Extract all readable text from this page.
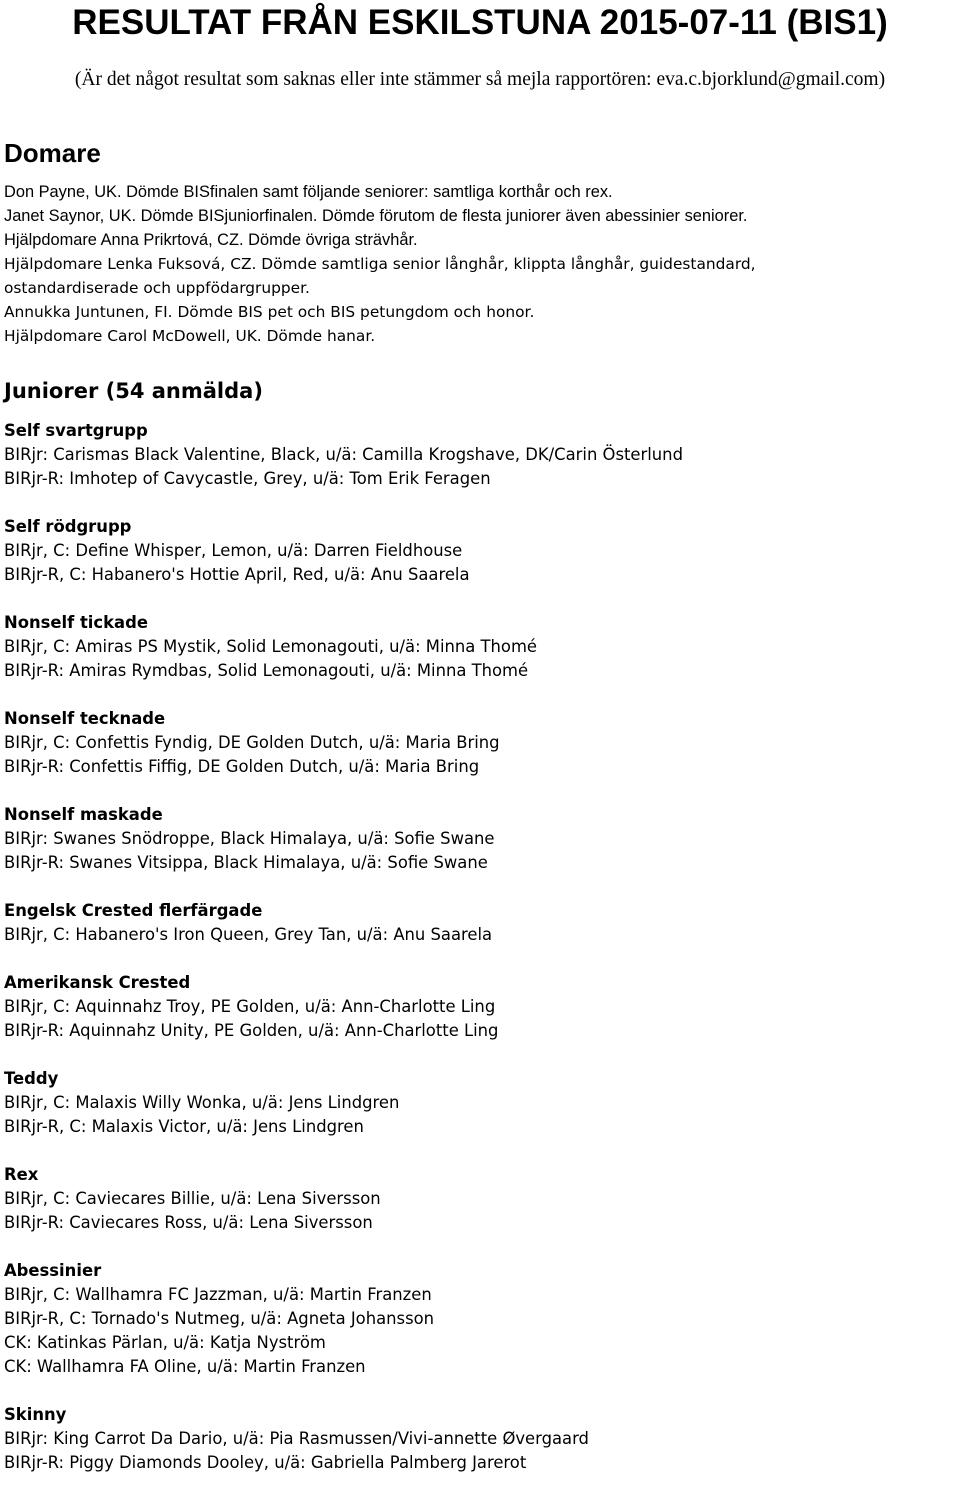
RESULTAT FRÅN ESKILSTUNA 2015-07-11 (BIS1)
(Är det något resultat som saknas eller inte stämmer så mejla rapportören: eva.c.bjorklund@gmail.com)
Domare
Don Payne, UK. Dömde BISfinalen samt följande seniorer: samtliga korthår och rex.
Janet Saynor, UK. Dömde BISjuniorfinalen. Dömde förutom de flesta juniorer även abessinier seniorer.
Hjälpdomare Anna Prikrtová, CZ. Dömde övriga strävhår.
Hjälpdomare Lenka Fuksová, CZ. Dömde samtliga senior långhår, klippta långhår, guidestandard,
ostandardiserade och uppfödargrupper.
Annukka Juntunen, FI. Dömde BIS pet och BIS petungdom och honor.
Hjälpdomare Carol McDowell, UK. Dömde hanar.
Juniorer (54 anmälda)
Self svartgrupp
BIRjr: Carismas Black Valentine, Black, u/ä: Camilla Krogshave, DK/Carin Österlund
BIRjr-R: Imhotep of Cavycastle, Grey, u/ä: Tom Erik Feragen
Self rödgrupp
BIRjr, C: Define Whisper, Lemon, u/ä: Darren Fieldhouse
BIRjr-R, C: Habanero's Hottie April, Red, u/ä: Anu Saarela
Nonself tickade
BIRjr, C: Amiras PS Mystik, Solid Lemonagouti, u/ä: Minna Thomé
BIRjr-R: Amiras Rymdbas, Solid Lemonagouti, u/ä: Minna Thomé
Nonself tecknade
BIRjr, C: Confettis Fyndig, DE Golden Dutch, u/ä: Maria Bring
BIRjr-R: Confettis Fiffig, DE Golden Dutch, u/ä: Maria Bring
Nonself maskade
BIRjr: Swanes Snödroppe, Black Himalaya, u/ä: Sofie Swane
BIRjr-R: Swanes Vitsippa, Black Himalaya, u/ä: Sofie Swane
Engelsk Crested flerfärgade
BIRjr, C: Habanero's Iron Queen, Grey Tan, u/ä: Anu Saarela
Amerikansk Crested
BIRjr, C: Aquinnahz Troy, PE Golden, u/ä: Ann-Charlotte Ling
BIRjr-R: Aquinnahz Unity, PE Golden, u/ä: Ann-Charlotte Ling
Teddy
BIRjr, C: Malaxis Willy Wonka, u/ä: Jens Lindgren
BIRjr-R, C: Malaxis Victor, u/ä: Jens Lindgren
Rex
BIRjr, C: Caviecares Billie, u/ä: Lena Siversson
BIRjr-R: Caviecares Ross, u/ä: Lena Siversson
Abessinier
BIRjr, C: Wallhamra FC Jazzman, u/ä: Martin Franzen
BIRjr-R, C: Tornado's Nutmeg, u/ä: Agneta Johansson
CK: Katinkas Pärlan, u/ä: Katja Nyström
CK: Wallhamra FA Oline, u/ä: Martin Franzen
Skinny
BIRjr: King Carrot Da Dario, u/ä: Pia Rasmussen/Vivi-annette Øvergaard
BIRjr-R: Piggy Diamonds Dooley, u/ä: Gabriella Palmberg Jarerot
